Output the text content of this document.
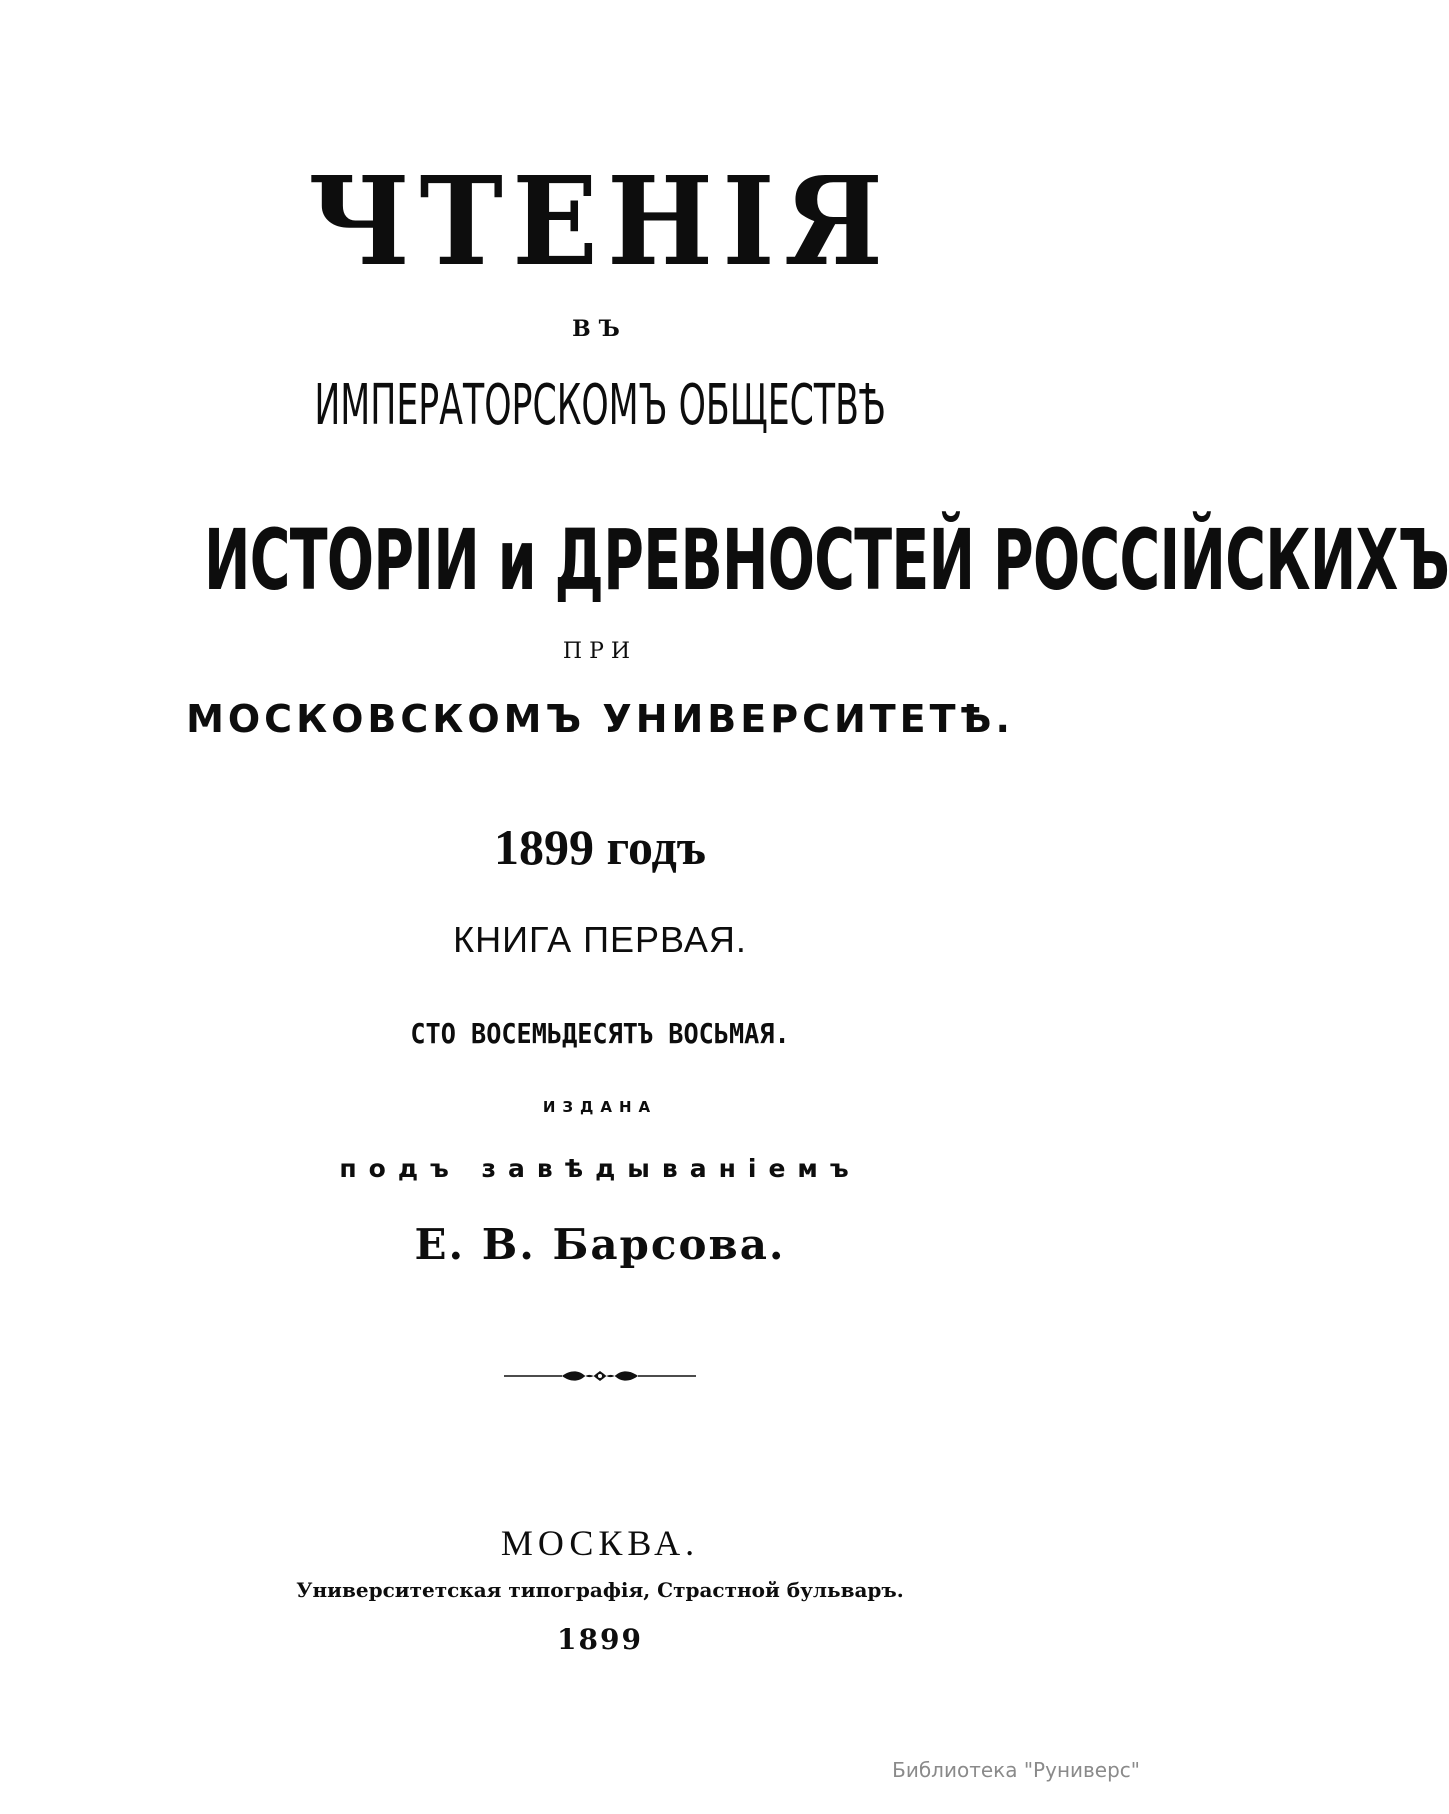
ЧТЕНІЯ
ВЪ
ИМПЕРАТОРСКОМЪ ОБЩЕСТВѢ
ИСТОРІИ и ДРЕВНОСТЕЙ РОССІЙСКИХЪ
ПРИ
МОСКОВСКОМЪ УНИВЕРСИТЕТѢ.
1899 годъ
КНИГА ПЕРВАЯ.
СТО ВОСЕМЬДЕСЯТЪ ВОСЬМАЯ.
ИЗДАНА
подъ завѣдываніемъ
Е. В. Барсова.
МОСКВА.
Университетская типографія, Страстной бульваръ.
1899
Библиотека "Руниверс"
